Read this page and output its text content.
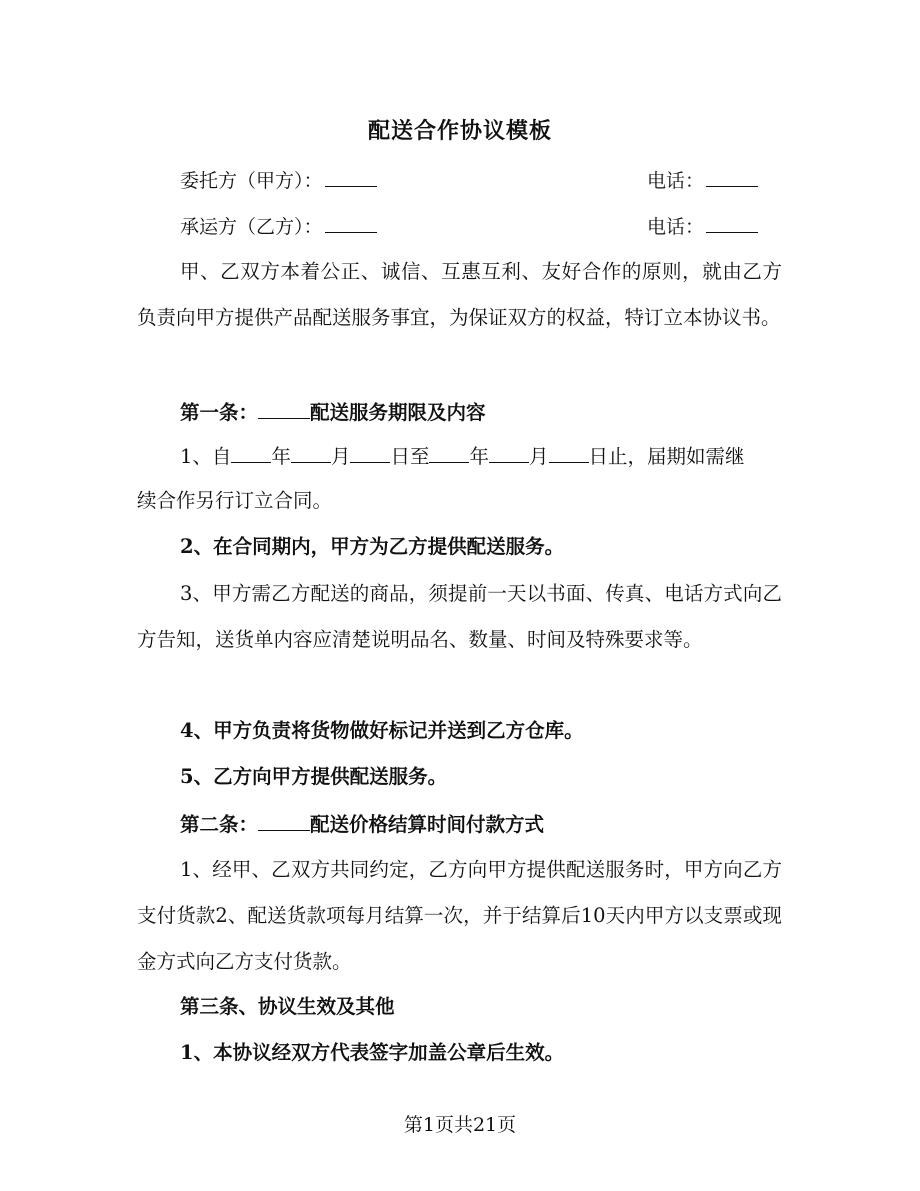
配送合作协议模板
委托方（甲方）：	电话：
承运方（乙方）：	电话：
甲、乙双方本着公正、诚信、互惠互利、友好合作的原则，就由乙方负责向甲方提供产品配送服务事宜，为保证双方的权益，特订立本协议书。
第一条：	配送服务期限及内容
1、自 年 月 日至 年 月 日止，届期如需继
续合作另行订立合同。
2、在合同期内，甲方为乙方提供配送服务。
3、甲方需乙方配送的商品，须提前一天以书面、传真、电话方式向乙方告知，送货单内容应清楚说明品名、数量、时间及特殊要求等。
4、甲方负责将货物做好标记并送到乙方仓库。
5、乙方向甲方提供配送服务。
第二条：	配送价格结算时间付款方式
1、经甲、乙双方共同约定，乙方向甲方提供配送服务时，甲方向乙方支付货款2、配送货款项每月结算一次，并于结算后10天内甲方以支票或现金方式向乙方支付货款。
第三条、协议生效及其他
1、本协议经双方代表签字加盖公章后生效。
第1页共21页
